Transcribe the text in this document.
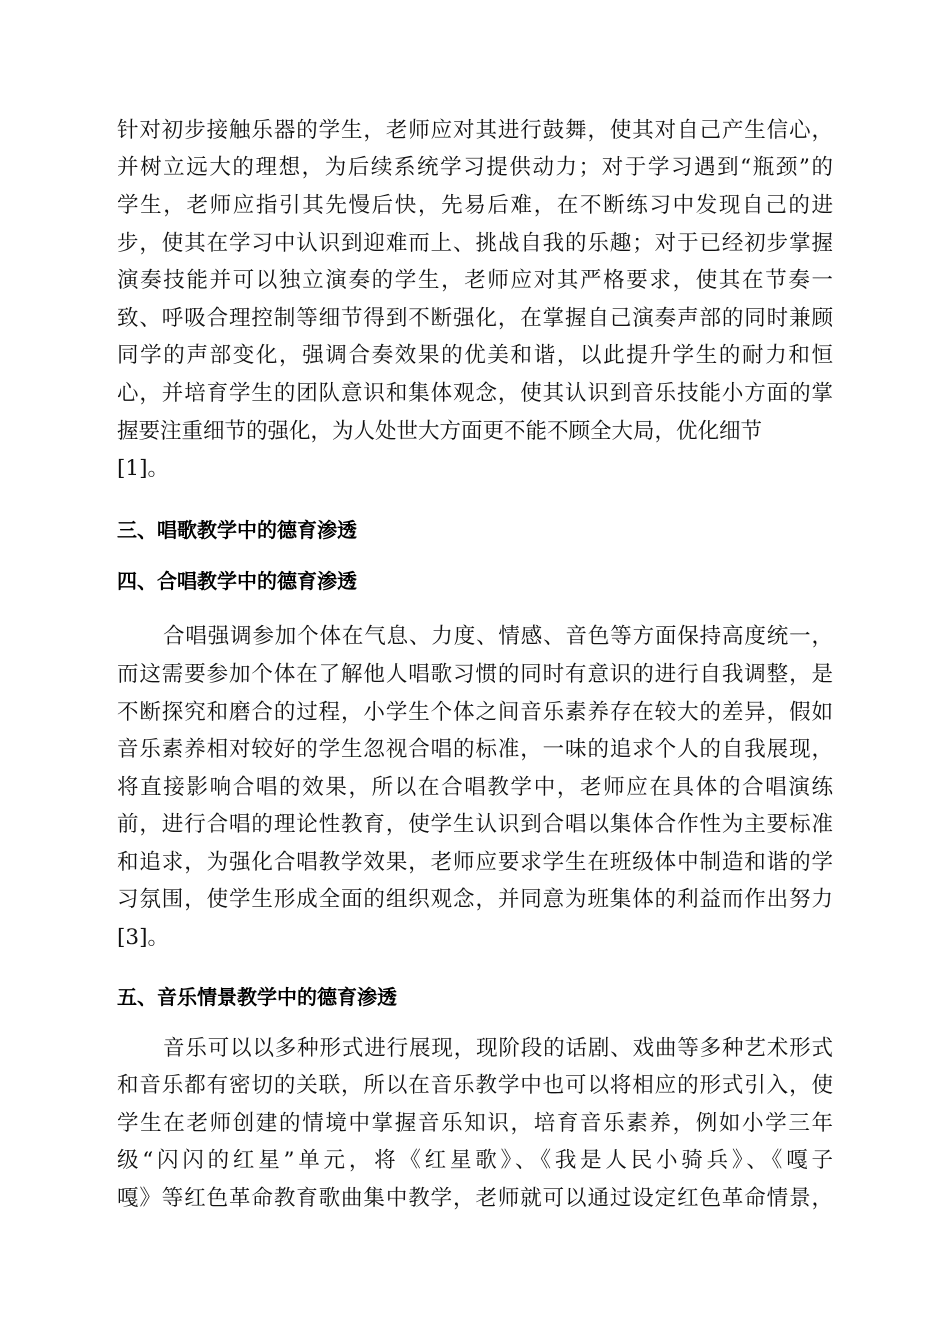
针对初步接触乐器的学生，老师应对其进行鼓舞，使其对自己产生信心，
并树立远大的理想，为后续系统学习提供动力；对于学习遇到“瓶颈”的
学生，老师应指引其先慢后快，先易后难，在不断练习中发现自己的进
步，使其在学习中认识到迎难而上、挑战自我的乐趣；对于已经初步掌握
演奏技能并可以独立演奏的学生，老师应对其严格要求，使其在节奏一
致、呼吸合理控制等细节得到不断强化，在掌握自己演奏声部的同时兼顾
同学的声部变化，强调合奏效果的优美和谐，以此提升学生的耐力和恒
心，并培育学生的团队意识和集体观念，使其认识到音乐技能小方面的掌
握要注重细节的强化，为人处世大方面更不能不顾全大局，优化细节
[1]。
三、唱歌教学中的德育渗透
四、合唱教学中的德育渗透
合唱强调参加个体在气息、力度、情感、音色等方面保持高度统一，
而这需要参加个体在了解他人唱歌习惯的同时有意识的进行自我调整，是
不断探究和磨合的过程，小学生个体之间音乐素养存在较大的差异，假如
音乐素养相对较好的学生忽视合唱的标准，一味的追求个人的自我展现，
将直接影响合唱的效果，所以在合唱教学中，老师应在具体的合唱演练
前，进行合唱的理论性教育，使学生认识到合唱以集体合作性为主要标准
和追求，为强化合唱教学效果，老师应要求学生在班级体中制造和谐的学
习氛围，使学生形成全面的组织观念，并同意为班集体的利益而作出努力
[3]。
五、音乐情景教学中的德育渗透
音乐可以以多种形式进行展现，现阶段的话剧、戏曲等多种艺术形式
和音乐都有密切的关联，所以在音乐教学中也可以将相应的形式引入，使
学生在老师创建的情境中掌握音乐知识，培育音乐素养，例如小学三年
级“闪闪的红星”单元，将《红星歌》、《我是人民小骑兵》、《嘎子
嘎》等红色革命教育歌曲集中教学，老师就可以通过设定红色革命情景，
